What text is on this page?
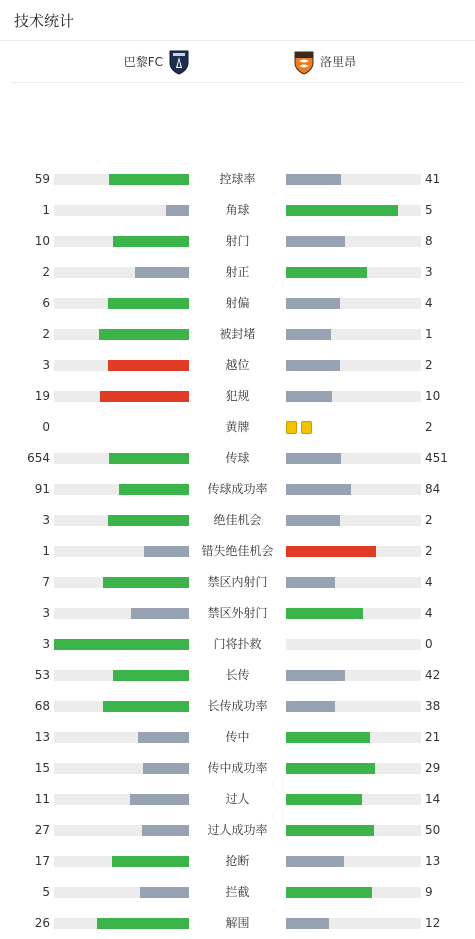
技术统计
巴黎FC	洛里昂
59	控球率	41
1	角球	5
10	射门	8
2	射正	3
6	射偏	4
2	被封堵	1
3	越位	2
19	犯规	10
0	黄牌	2
654	传球	451
91	传球成功率	84
3	绝佳机会	2
1	错失绝佳机会	2
7	禁区内射门	4
3	禁区外射门	4
3	门将扑救	0
53	长传	42
68	长传成功率	38
13	传中	21
15	传中成功率	29
11	过人	14
27	过人成功率	50
17	抢断	13
5	拦截	9
26	解围	12
